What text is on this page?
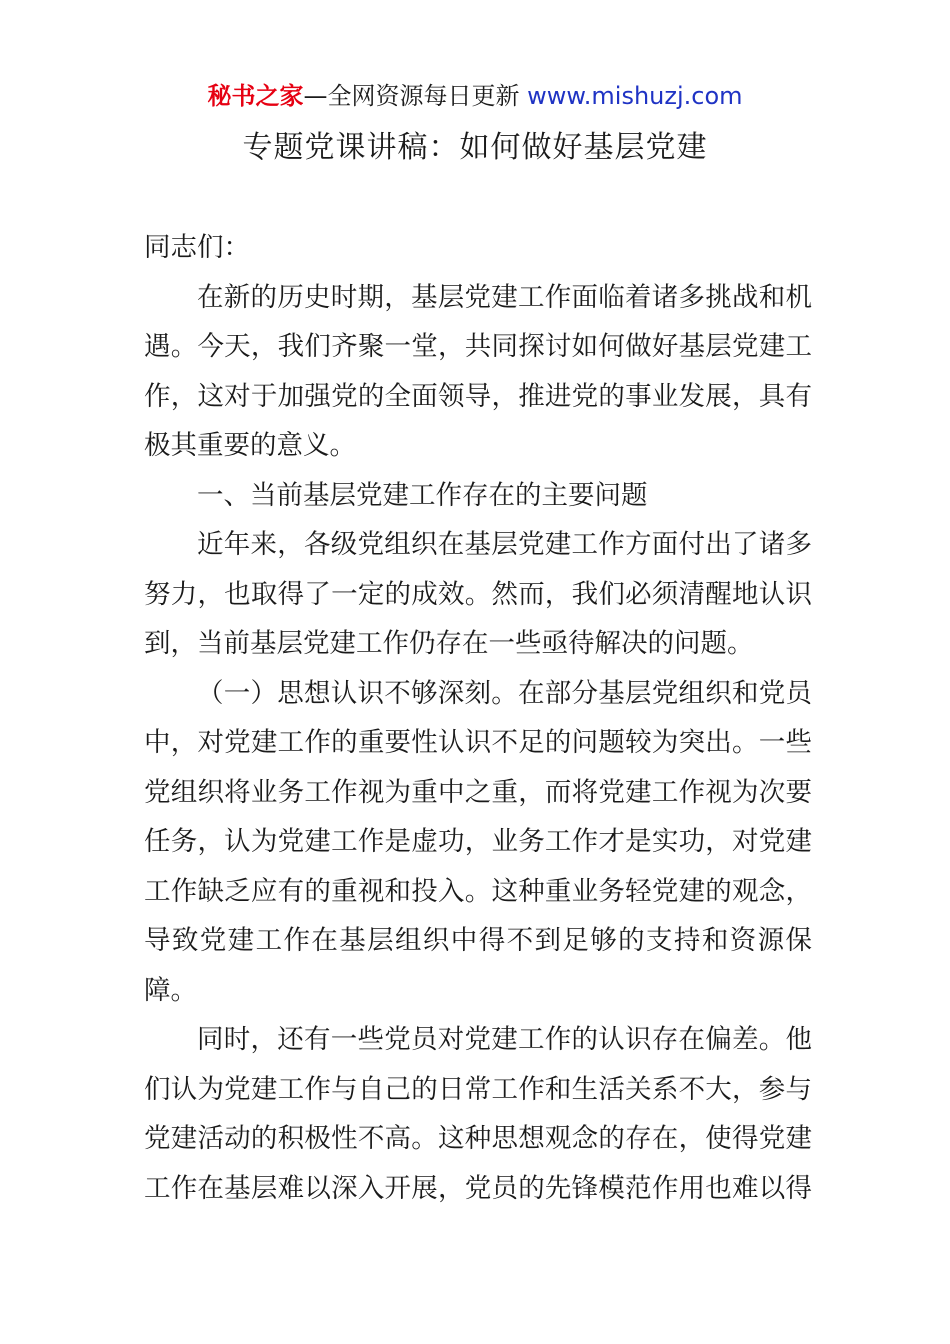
秘书之家—全网资源每日更新 www.mishuzj.com
专题党课讲稿：如何做好基层党建

同志们：

在新的历史时期，基层党建工作面临着诸多挑战和机
遇。今天，我们齐聚一堂，共同探讨如何做好基层党建工
作，这对于加强党的全面领导，推进党的事业发展，具有
极其重要的意义。

一、当前基层党建工作存在的主要问题

近年来，各级党组织在基层党建工作方面付出了诸多
努力，也取得了一定的成效。然而，我们必须清醒地认识
到，当前基层党建工作仍存在一些亟待解决的问题。

（一）思想认识不够深刻。在部分基层党组织和党员
中，对党建工作的重要性认识不足的问题较为突出。一些
党组织将业务工作视为重中之重，而将党建工作视为次要
任务，认为党建工作是虚功，业务工作才是实功，对党建
工作缺乏应有的重视和投入。这种重业务轻党建的观念，
导致党建工作在基层组织中得不到足够的支持和资源保
障。

同时，还有一些党员对党建工作的认识存在偏差。他
们认为党建工作与自己的日常工作和生活关系不大，参与
党建活动的积极性不高。这种思想观念的存在，使得党建
工作在基层难以深入开展，党员的先锋模范作用也难以得
